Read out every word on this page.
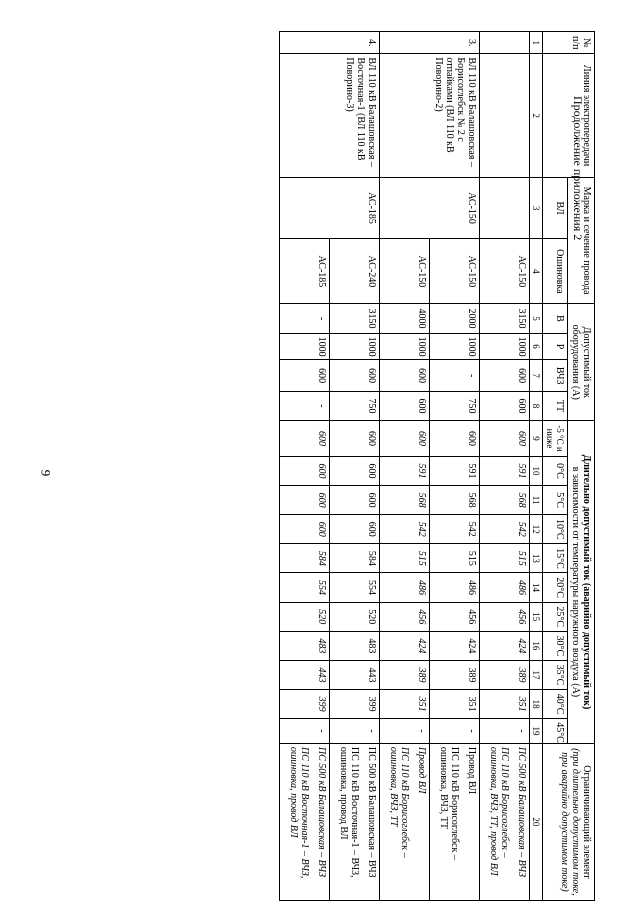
9
Продолжение приложения 2
№ п/п	Линия электропередачи	Марка и сечение провода		Допустимый ток оборудования (А)				Длительно допустимый ток (аварийно допустимый ток)
в зависимости от температуры наружного воздуха (А)											Ограничивающий элемент
(при длительно допустимом токе, при аварийно допустимом токе)
		ВЛ	Ошиновка	В	Р	ВЧЗ	ТТ	-5 °С и ниже	0°С	5°С	10°С	15°С	20°С	25°С	30°С	35°С	40°С	45°С	

1	2	3	4	5	6	7	8	9	10	11	12	13	14	15	16	17	18	19	20
			АС-150	3150	1000	600	600	600	591	568	542	515	486	456	424	389	351	-	ПС 500 кВ Балашовская – ВЧЗ
ПС 110 кВ Борисоглебск – ошиновка, ВЧЗ, ТТ, провод ВЛ

3.	ВЛ 110 кВ Балашовская – Борисоглебск № 2 с отпайками (ВЛ 110 кВ Поворино-2)	АС-150	АС-150	2000	1000	-	750	600	591	568	542	515	486	456	424	389	351	-	Провод ВЛ
ПС 110 кВ Борисоглебск – ошиновка, ВЧЗ, ТТ

			АС-150	4000	1000	600	600	600	591	568	542	515	486	456	424	389	351	-	Провод ВЛ
ПС 110 кВ Борисоглебск – ошиновка, ВЧЗ, ТТ

4.	ВЛ 110 кВ Балашовская – Восточная-1 (ВЛ 110 кВ Поворино-3)	АС-185	АС-240	3150	1000	600	750	600	600	600	600	584	554	520	483	443	399	-	ПС 500 кВ Балашовская – ВЧЗ
ПС 110 кВ Восточная-1 – ВЧЗ, ошиновка, провод ВЛ

			АС-185	-	1000	600	-	600	600	600	600	584	554	520	483	443	399	-	ПС 500 кВ Балашовская – ВЧЗ
ПС 110 кВ Восточная-1 – ВЧЗ, ошиновка, провод ВЛ
